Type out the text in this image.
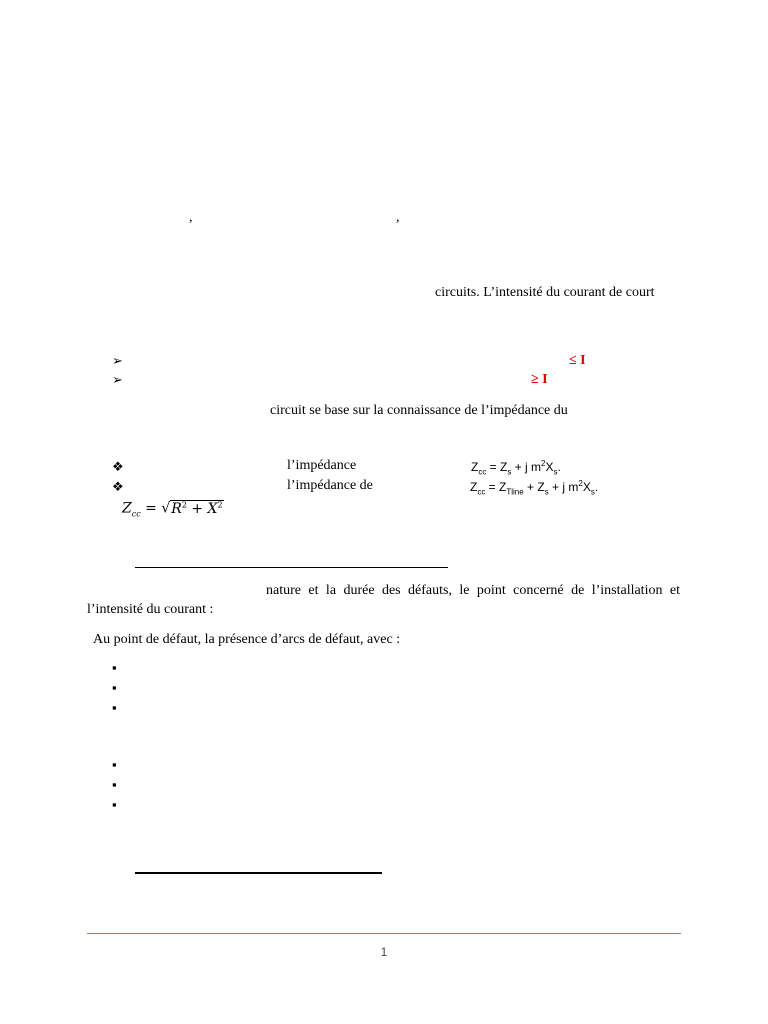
,	,
circuits. L’intensité du courant de court
➢	≤ I
➢	≥ I
circuit se base sur la connaissance de l’impédance du
❖	l’impédance	$Z_{cc} = Z_s + j$ $m^2X_s$.
❖	l’impédance de	$Z_{cc} = Z_{Tline} + Z_s + j$ $m^2X_s$.
$Z_{cc} = √R^2 + X^2$
nature et la durée des défauts, le point concerné de l’installation et
l’intensité du courant :
Au point de défaut, la présence d’arcs de défaut, avec :
▪
▪
▪
▪
▪
▪
1
